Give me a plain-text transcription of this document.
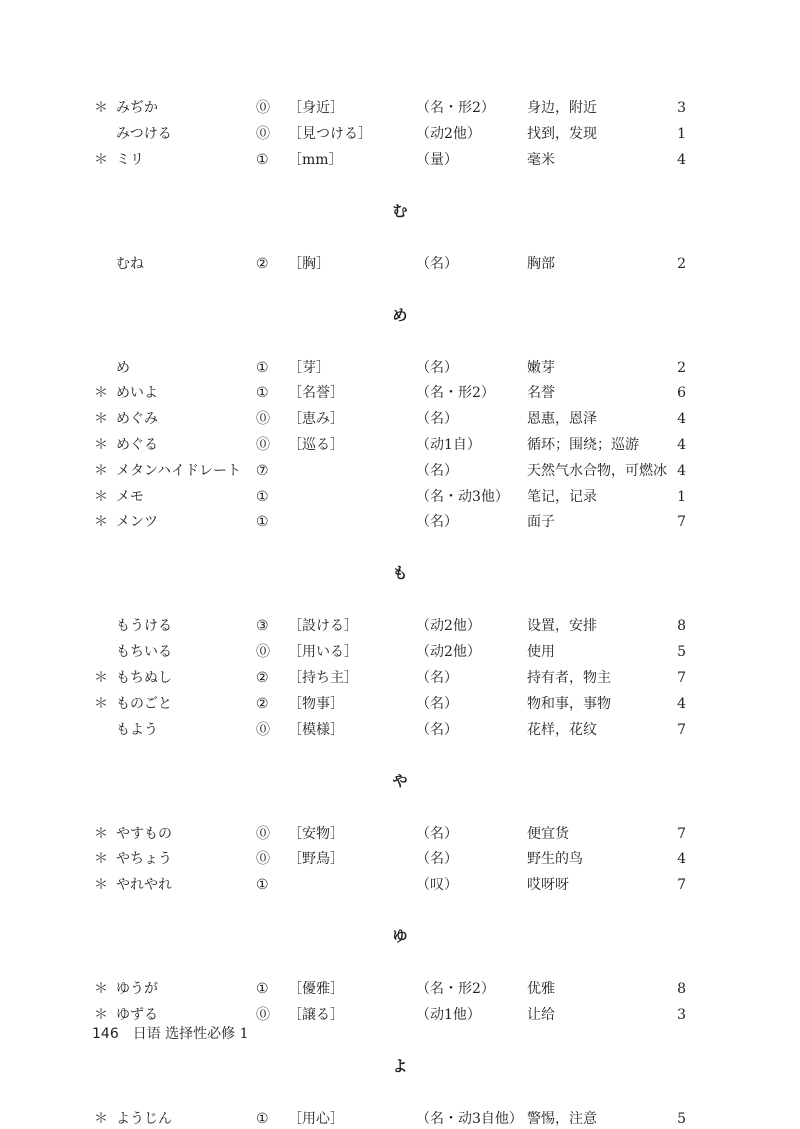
＊ みぢか	⓪ ［身近］	（名・形2） 身边，附近	3
みつける	⓪ ［見つける］	（动2他）	找到，发现	1
＊ ミリ	① ［mm］	（量）	毫米	4
む
むね	② ［胸］	（名）	胸部	2
め
め	① ［芽］	（名）	嫩芽	2
＊ めいよ	① ［名誉］	（名・形2） 名誉	6
＊ めぐみ	⓪ ［恵み］	（名）	恩惠，恩泽	4
＊ めぐる	⓪ ［巡る］	（动1自）	循环；围绕；巡游	4
＊ メタンハイドレート ⑦	（名）	天然气水合物，可燃冰 4
＊ メモ	①	（名・动3他） 笔记，记录	1
＊ メンツ	①	（名）	面子	7
も
もうける	③ ［設ける］	（动2他）	设置，安排	8
もちいる	⓪ ［用いる］	（动2他）	使用	5
＊ もちぬし	② ［持ち主］	（名）	持有者，物主	7
＊ ものごと	② ［物事］	（名）	物和事，事物	4
もよう	⓪ ［模様］	（名）	花样，花纹	7
や
＊ やすもの	⓪ ［安物］	（名）	便宜货	7
＊ やちょう	⓪ ［野鳥］	（名）	野生的鸟	4
＊ やれやれ	①	（叹）	哎呀呀	7
ゆ
＊ ゆうが	① ［優雅］	（名・形2） 优雅	8
＊ ゆずる	⓪ ［譲る］	（动1他）	让给	3
よ
＊ ようじん	① ［用心］	（名・动3自他） 警惕，注意	5
146 日语 选择性必修 1
